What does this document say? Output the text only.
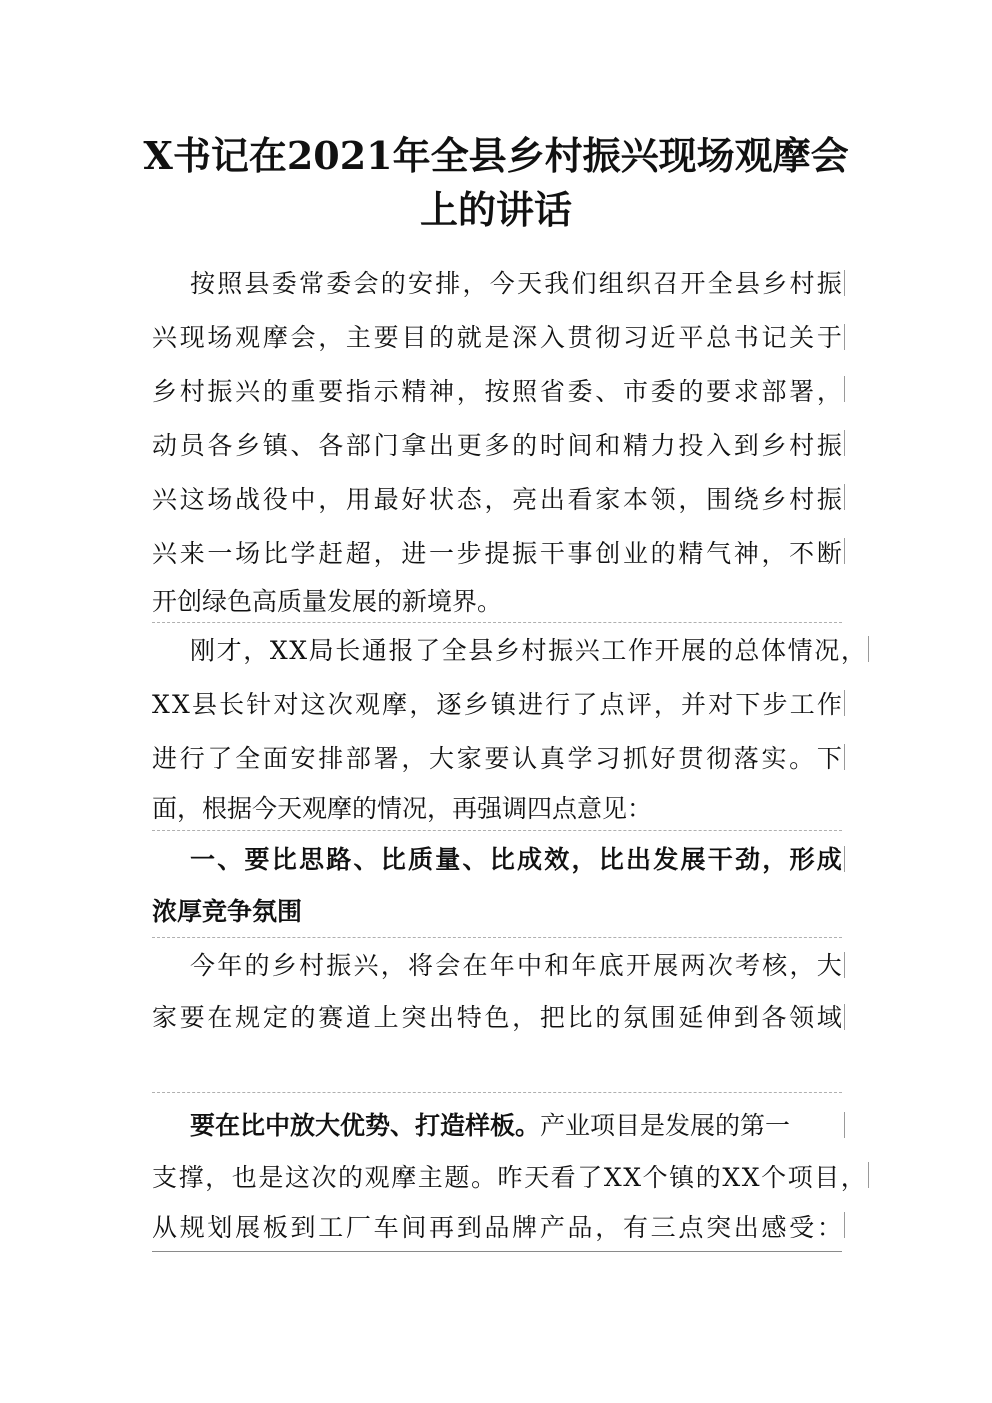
X书记在2021年全县乡村振兴现场观摩会
上的讲话
按 照 县 委 常 委 会 的 安 排 ， 今 天 我 们 组 织 召 开 全 县 乡 村 振
兴 现 场 观 摩 会 ， 主 要 目 的 就 是 深 入 贯 彻 习 近 平 总 书 记 关 于
乡 村 振 兴 的 重 要 指 示 精 神 ， 按 照 省 委 、 市 委 的 要 求 部 署 ，
动 员 各 乡 镇 、 各 部 门 拿 出 更 多 的 时 间 和 精 力 投 入 到 乡 村 振
兴 这 场 战 役 中 ， 用 最 好 状 态 ， 亮 出 看 家 本 领 ， 围 绕 乡 村 振
兴 来 一 场 比 学 赶 超 ， 进 一 步 提 振 干 事 创 业 的 精 气 神 ， 不 断
开创绿色高质量发展的新境界。
刚 才 ， X X 局 长 通 报 了 全 县 乡 村 振 兴 工 作 开 展 的 总 体 情 况 ，
X X 县 长 针 对 这 次 观 摩 ， 逐 乡 镇 进 行 了 点 评 ， 并 对 下 步 工 作
进 行 了 全 面 安 排 部 署 ， 大 家 要 认 真 学 习 抓 好 贯 彻 落 实 。 下
面，根据今天观摩的情况，再强调四点意见：
一 、 要 比 思 路 、 比 质 量 、 比 成 效 ， 比 出 发 展 干 劲 ， 形 成
浓厚竞争氛围
今 年 的 乡 村 振 兴 ， 将 会 在 年 中 和 年 底 开 展 两 次 考 核 ， 大
家 要 在 规 定 的 赛 道 上 突 出 特 色 ， 把 比 的 氛 围 延 伸 到 各 领 域
要在比中放大优势、打造样板。产业项目是发展的第一
支 撑 ， 也 是 这 次 的 观 摩 主 题 。 昨 天 看 了 X X 个 镇 的 X X 个 项 目 ，
从 规 划 展 板 到 工 厂 车 间 再 到 品 牌 产 品 ， 有 三 点 突 出 感 受 ：
